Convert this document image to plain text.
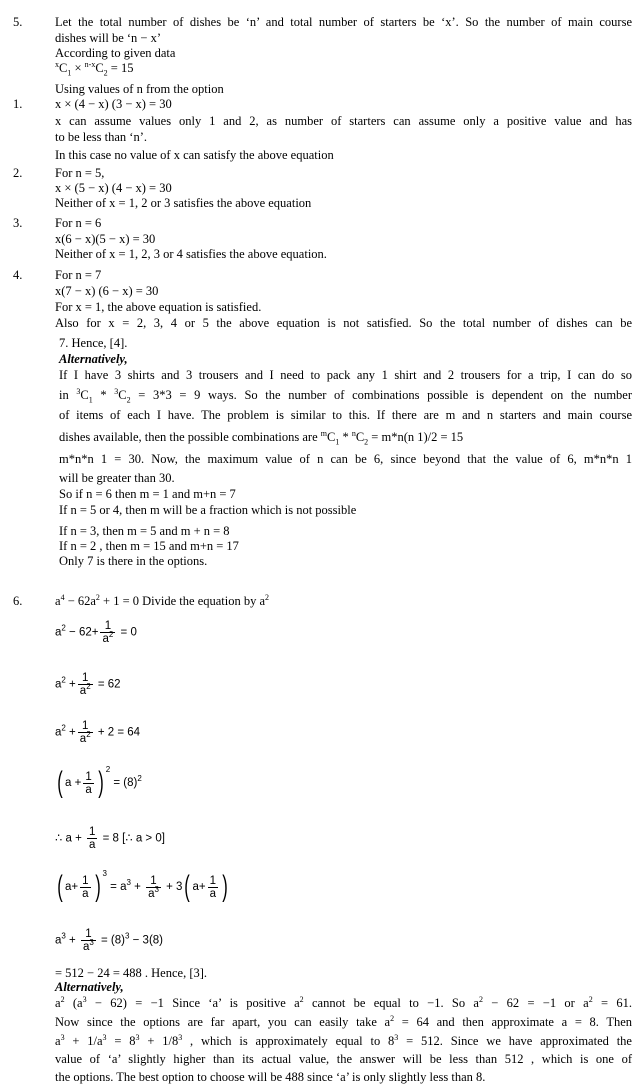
5.	Let the total number of dishes be ‘n’ and total number of starters be ‘x’. So the number of main course
dishes will be ‘n − x’
According to given data
$^xC_1 \times ^{n-x}C_2 = 15$
Using values of n from the option
1.	x × (4 − x) (3 − x) = 30
x can assume values only 1 and 2, as number of starters can assume only a positive value and has
to be less than ‘n’.
In this case no value of x can satisfy the above equation
2.	For n = 5,
x × (5 − x) (4 − x) = 30
Neither of x = 1, 2 or 3 satisfies the above equation
3.	For n = 6
x(6 − x)(5 − x) = 30
Neither of x = 1, 2, 3 or 4 satisfies the above equation.
4.	For n = 7
x(7 − x) (6 − x) = 30
For x = 1, the above equation is satisfied.
Also for x = 2, 3, 4 or 5 the above equation is not satisfied. So the total number of dishes can be
7. Hence, [4].
Alternatively,
If I have 3 shirts and 3 trousers and I need to pack any 1 shirt and 2 trousers for a trip, I can do so
in $^3C_1 * ^3C_2 = 3*3 = 9$ ways. So the number of combinations possible is dependent on the number
of items of each I have. The problem is similar to this. If there are m and n starters and main course
dishes available, then the possible combinations are $^mC_1 * ^nC_2 = m*n(n$ 1)/2 = 15
m*n*n 1 = 30. Now, the maximum value of n can be 6, since beyond that the value of 6, m*n*n 1
will be greater than 30.
So if n = 6 then m = 1 and m+n = 7
If n = 5 or 4, then m will be a fraction which is not possible
If n = 3, then m = 5 and m + n = 8
If n = 2 , then m = 15 and m+n = 17
Only 7 is there in the options.
6.	$a^4 - 62a^2 + 1 = 0$ Divide the equation by $a^2$
$a^2 - 62+ \frac{1}{a^2} = 0$
$a^2 + \frac{1}{a^2} = 62$
$a^2 + \frac{1}{a^2} + 2 = 64$
( $a + \frac{1}{a}$ ) $^2 = (8)^2$
∴ $a + \frac{1}{a} = 8$ [∴ a > 0]
( $a+ \frac{1}{a}$ ) $^3 = a^3 + \frac{1}{a^3} + 3$( $a+ \frac{1}{a}$ )
$a^3 + \frac{1}{a^3} = (8)^3 - 3(8)$
= 512 − 24 = 488 . Hence, [3].
Alternatively,
$a^2$ $(a^3 - 62) = -1$ Since ‘a’ is positive $a^2$ cannot be equal to −1. So $a^2 - 62 = -1$ or $a^2 = 61$.
Now since the options are far apart, you can easily take $a^2 = 64$ and then approximate a = 8. Then
$a^3 + 1/a^3 = 8^3 + 1/8^3$ , which is approximately equal to $8^3 = 512$. Since we have approximated the
value of ‘a’ slightly higher than its actual value, the answer will be less than 512 , which is one of
the options. The best option to choose will be 488 since ‘a’ is only slightly less than 8.
